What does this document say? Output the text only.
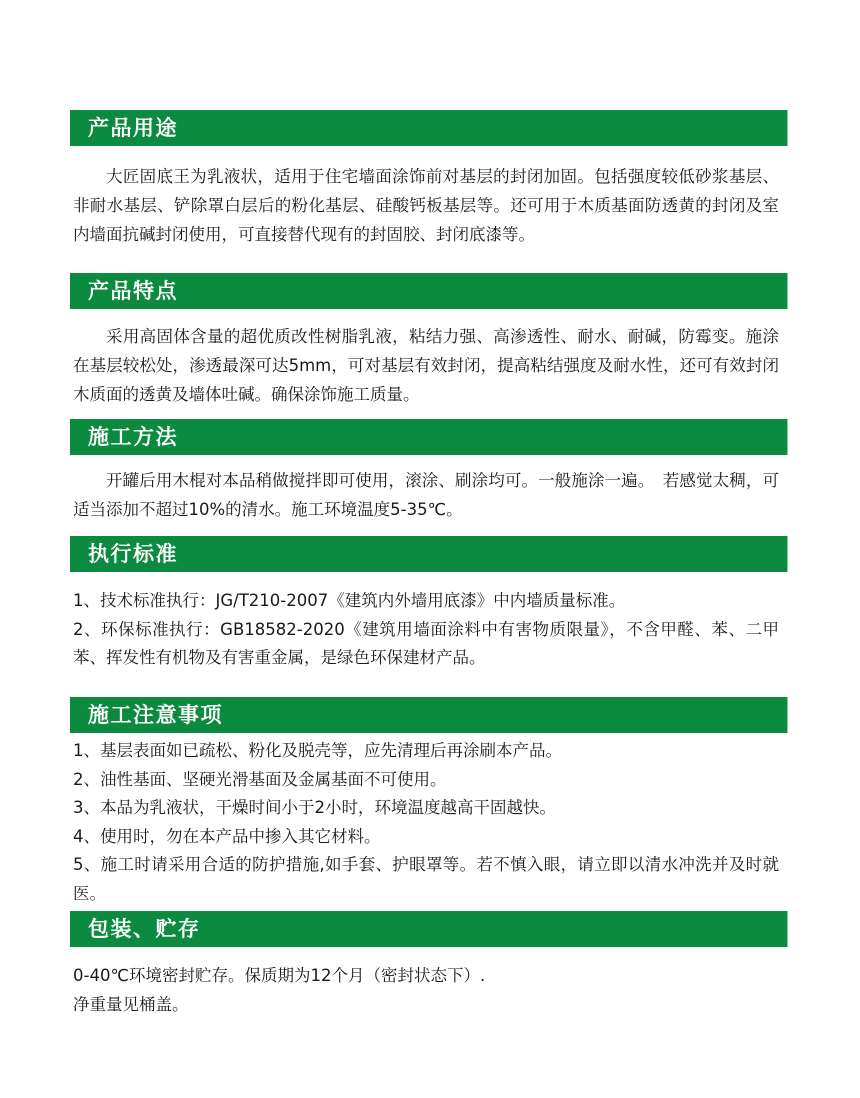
产品用途

大匠固底王为乳液状，适用于住宅墙面涂饰前对基层的封闭加固。包括强度较低砂浆基层、非耐水基层、铲除罩白层后的粉化基层、硅酸钙板基层等。还可用于木质基面防透黄的封闭及室内墙面抗碱封闭使用，可直接替代现有的封固胶、封闭底漆等。

产品特点

采用高固体含量的超优质改性树脂乳液，粘结力强、高渗透性、耐水、耐碱，防霉变。施涂在基层较松处，渗透最深可达5mm，可对基层有效封闭，提高粘结强度及耐水性，还可有效封闭木质面的透黄及墙体吐碱。确保涂饰施工质量。

施工方法

开罐后用木棍对本品稍做搅拌即可使用，滚涂、刷涂均可。一般施涂一遍。　若感觉太稠，可适当添加不超过10%的清水。施工环境温度5-35℃。

执行标准

1、技术标准执行：JG/T210-2007《建筑内外墙用底漆》中内墙质量标准。

2、环保标准执行：GB18582-2020《建筑用墙面涂料中有害物质限量》，不含甲醛、苯、二甲苯、挥发性有机物及有害重金属，是绿色环保建材产品。

施工注意事项

1、基层表面如已疏松、粉化及脱壳等，应先清理后再涂刷本产品。

2、油性基面、坚硬光滑基面及金属基面不可使用。

3、本品为乳液状，干燥时间小于2小时，环境温度越高干固越快。

4、使用时，勿在本产品中掺入其它材料。

5、施工时请采用合适的防护措施,如手套、护眼罩等。若不慎入眼，请立即以清水冲洗并及时就医。

包装、贮存

0-40℃环境密封贮存。保质期为12个月（密封状态下）.

净重量见桶盖。
